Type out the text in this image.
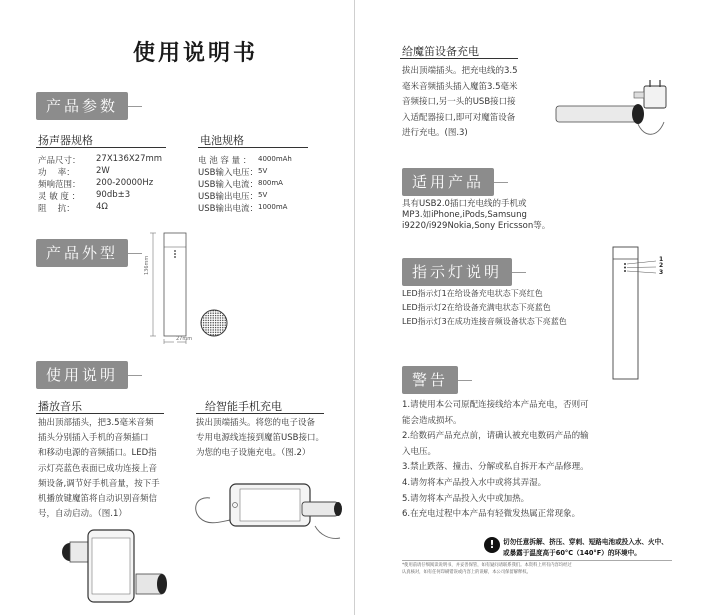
使用说明书
产品参数
扬声器规格
产品尺寸： 27X136X27mm
功　 率：	2W
频响范围： 200-20000Hz
灵 敏 度 ： 90db±3
阻　 抗：	4Ω
电池规格
电 池 容 量 ： 4000mAh
USB输入电压： 5V
USB输入电流： 800mA
USB输出电压： 5V
USB输出电流： 1000mA
产品外型
136mm
27mm
使用说明
播放音乐
抽出顶部插头，把3.5毫米音频
插头分别插入手机的音频插口
和移动电源的音频插口。LED指
示灯亮蓝色表面已成功连接上音
频设备,调节好手机音量，按下手
机播放键魔笛将自动识别音频信
号，自动启动。（图.1）
给智能手机充电
拔出顶端插头。将您的电子设备
专用电源线连接到魔笛USB接口。
为您的电子设施充电。（图.2）
给魔笛设备充电
拔出顶端插头。把充电线的3.5
毫米音频插头插入魔笛3.5毫米
音频接口,另一头的USB接口接
入适配器接口,即可对魔笛设备
进行充电。(图.3)
适用产品
具有USB2.0插口充电线的手机或
MP3.如iPhone,iPods,Samsung
i9220/i929Nokia,Sony Ericsson等。
指示灯说明
LED指示灯1在给设备充电状态下亮红色
LED指示灯2在给设备充满电状态下亮蓝色
LED指示灯3在成功连接音频设备状态下亮蓝色
1
2
3
警告
1.请使用本公司原配连接线给本产品充电，否则可
能会造成损坏。
2.给数码产品充点前，请确认被充电数码产品的输
入电压。
3.禁止跌落、撞击、分解或私自拆开本产品修理。
4.请勿将本产品投入水中或将其弄湿。
5.请勿将本产品投入火中或加热。
6.在充电过程中本产品有轻微发热属正常现象。
!	切勿任意拆解、挤压、穿刺、短路电池或投入水、火中、
或暴露于温度高于60°C（140°F）的环境中。
*使用前请仔细阅读说明书，并妥善保管，如有疑问请联系我们。本资料上所有内容均经过
认真核对，如有任何印刷错误或内容上的误解，本公司保留解释权。
